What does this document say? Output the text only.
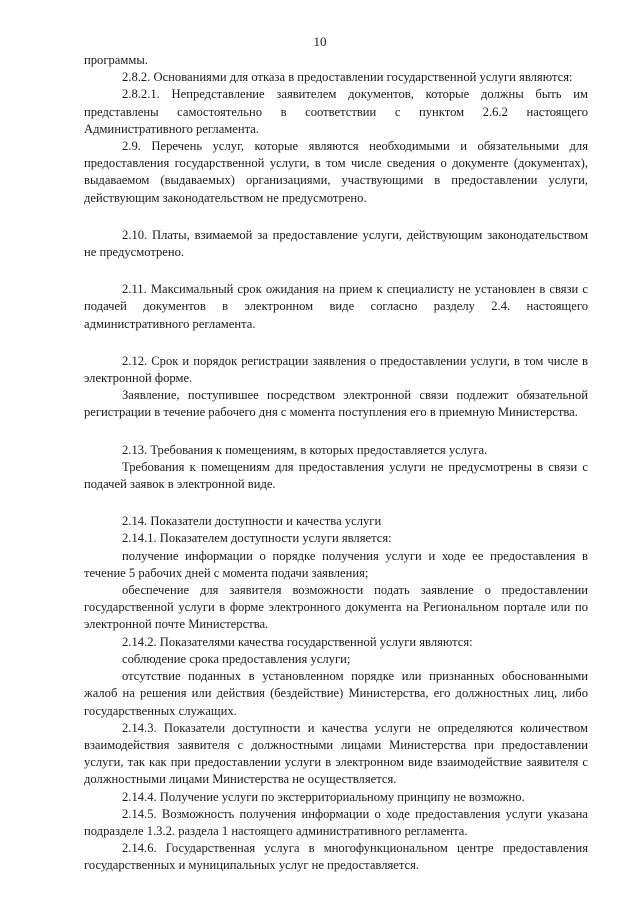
10

программы.

2.8.2. Основаниями для отказа в предоставлении государственной услуги являются:

2.8.2.1. Непредставление заявителем документов, которые должны быть им представлены самостоятельно в соответствии с пунктом 2.6.2 настоящего Административного регламента.

2.9. Перечень услуг, которые являются необходимыми и обязательными для предоставления государственной услуги, в том числе сведения о документе (документах), выдаваемом (выдаваемых) организациями, участвующими в предоставлении услуги, действующим законодательством не предусмотрено.

2.10. Платы, взимаемой за предоставление услуги, действующим законодательством не предусмотрено.

2.11. Максимальный срок ожидания на прием к специалисту не установлен в связи с подачей документов в электронном виде согласно разделу 2.4. настоящего административного регламента.

2.12. Срок и порядок регистрации заявления о предоставлении услуги, в том числе в электронной форме.

Заявление, поступившее посредством электронной связи подлежит обязательной регистрации в течение рабочего дня с момента поступления его в приемную Министерства.

2.13. Требования к помещениям, в которых предоставляется услуга.

Требования к помещениям для предоставления услуги не предусмотрены в связи с подачей заявок в электронной виде.

2.14. Показатели доступности и качества услуги

2.14.1. Показателем доступности услуги является:

получение информации о порядке получения услуги и ходе ее предоставления в течение 5 рабочих дней с момента подачи заявления;

обеспечение для заявителя возможности подать заявление о предоставлении государственной услуги в форме электронного документа на Региональном портале или по электронной почте Министерства.

2.14.2. Показателями качества государственной услуги являются:

соблюдение срока предоставления услуги;

отсутствие поданных в установленном порядке или признанных обоснованными жалоб на решения или действия (бездействие) Министерства, его должностных лиц, либо государственных служащих.

2.14.3. Показатели доступности и качества услуги не определяются количеством взаимодействия заявителя с должностными лицами Министерства при предоставлении услуги, так как при предоставлении услуги в электронном виде взаимодействие заявителя с должностными лицами Министерства не осуществляется.

2.14.4. Получение услуги по экстерриториальному принципу не возможно.

2.14.5. Возможность получения информации о ходе предоставления услуги указана подразделе 1.3.2. раздела 1 настоящего административного регламента.

2.14.6. Государственная услуга в многофункциональном центре предоставления государственных и муниципальных услуг не предоставляется.
